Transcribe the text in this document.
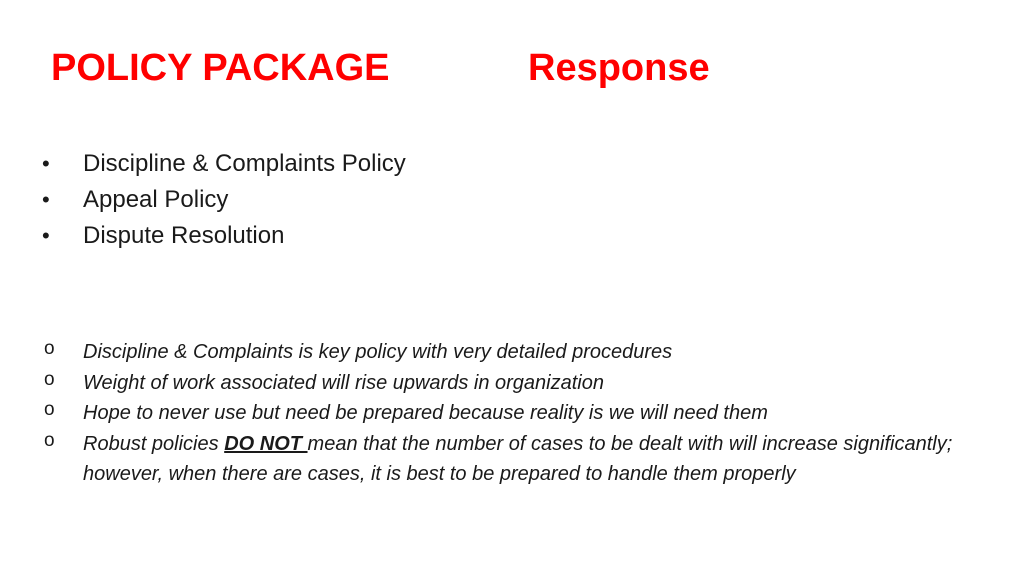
POLICY PACKAGE	Response
•	Discipline & Complaints Policy
•	Appeal Policy
•	Dispute Resolution
o Discipline & Complaints is key policy with very detailed procedures
o Weight of work associated will rise upwards in organization
o Hope to never use but need be prepared because reality is we will need them
o Robust policies DO NOT mean that the number of cases to be dealt with will increase significantly; however, when there are cases, it is best to be prepared to handle them properly
